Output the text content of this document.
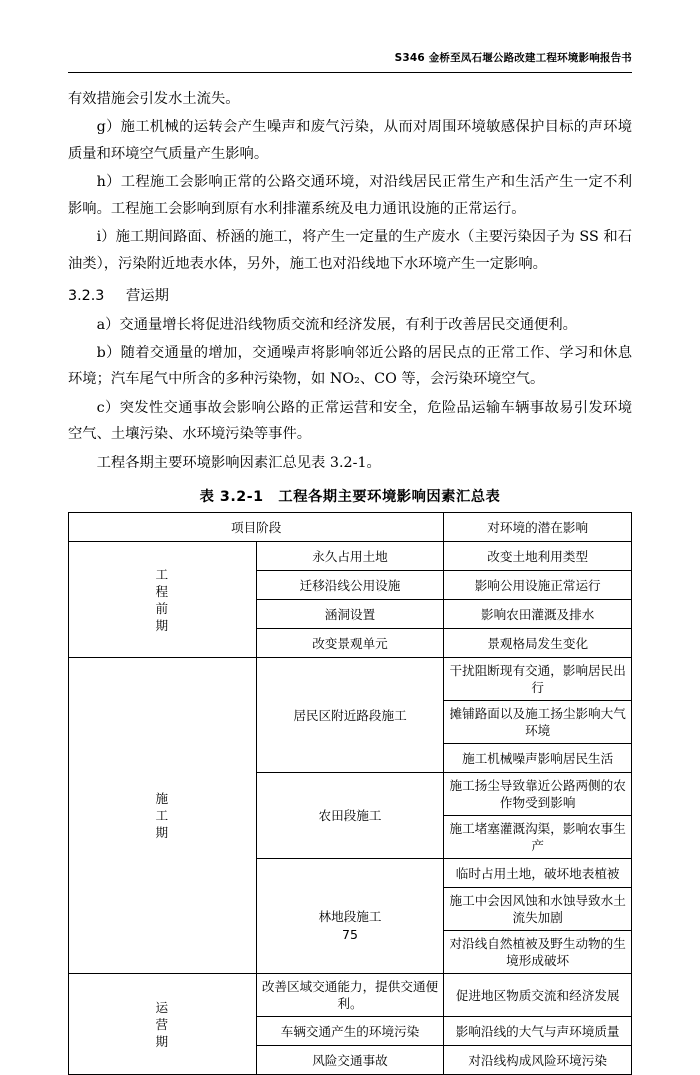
S346 金桥至凤石堰公路改建工程环境影响报告书

有效措施会引发水土流失。

g）施工机械的运转会产生噪声和废气污染，从而对周围环境敏感保护目标的声环境质量和环境空气质量产生影响。

h）工程施工会影响正常的公路交通环境，对沿线居民正常生产和生活产生一定不利影响。工程施工会影响到原有水利排灌系统及电力通讯设施的正常运行。

i）施工期间路面、桥涵的施工，将产生一定量的生产废水（主要污染因子为 SS 和石油类），污染附近地表水体，另外，施工也对沿线地下水环境产生一定影响。

3.2.3 营运期

a）交通量增长将促进沿线物质交流和经济发展，有利于改善居民交通便利。

b）随着交通量的增加，交通噪声将影响邻近公路的居民点的正常工作、学习和休息环境；汽车尾气中所含的多种污染物，如 NO₂、CO 等，会污染环境空气。

c）突发性交通事故会影响公路的正常运营和安全，危险品运输车辆事故易引发环境空气、土壤污染、水环境污染等事件。

工程各期主要环境影响因素汇总见表 3.2-1。

表 3.2-1　工程各期主要环境影响因素汇总表
项目阶段		对环境的潜在影响

工
程
前
期	永久占用土地	改变土地利用类型
	迁移沿线公用设施	影响公用设施正常运行
	涵洞设置	影响农田灌溉及排水
	改变景观单元	景观格局发生变化

施
工
期	居民区附近路段施工	干扰阻断现有交通，影响居民出行
		摊铺路面以及施工扬尘影响大气环境
		施工机械噪声影响居民生活
	农田段施工	施工扬尘导致靠近公路两侧的农作物受到影响
		施工堵塞灌溉沟渠，影响农事生产
	林地段施工	临时占用土地，破坏地表植被
		施工中会因风蚀和水蚀导致水土流失加剧
		对沿线自然植被及野生动物的生境形成破坏

运
营
期	改善区域交通能力，提供交通便利。	促进地区物质交流和经济发展
	车辆交通产生的环境污染	影响沿线的大气与声环境质量
	风险交通事故	对沿线构成风险环境污染
75
